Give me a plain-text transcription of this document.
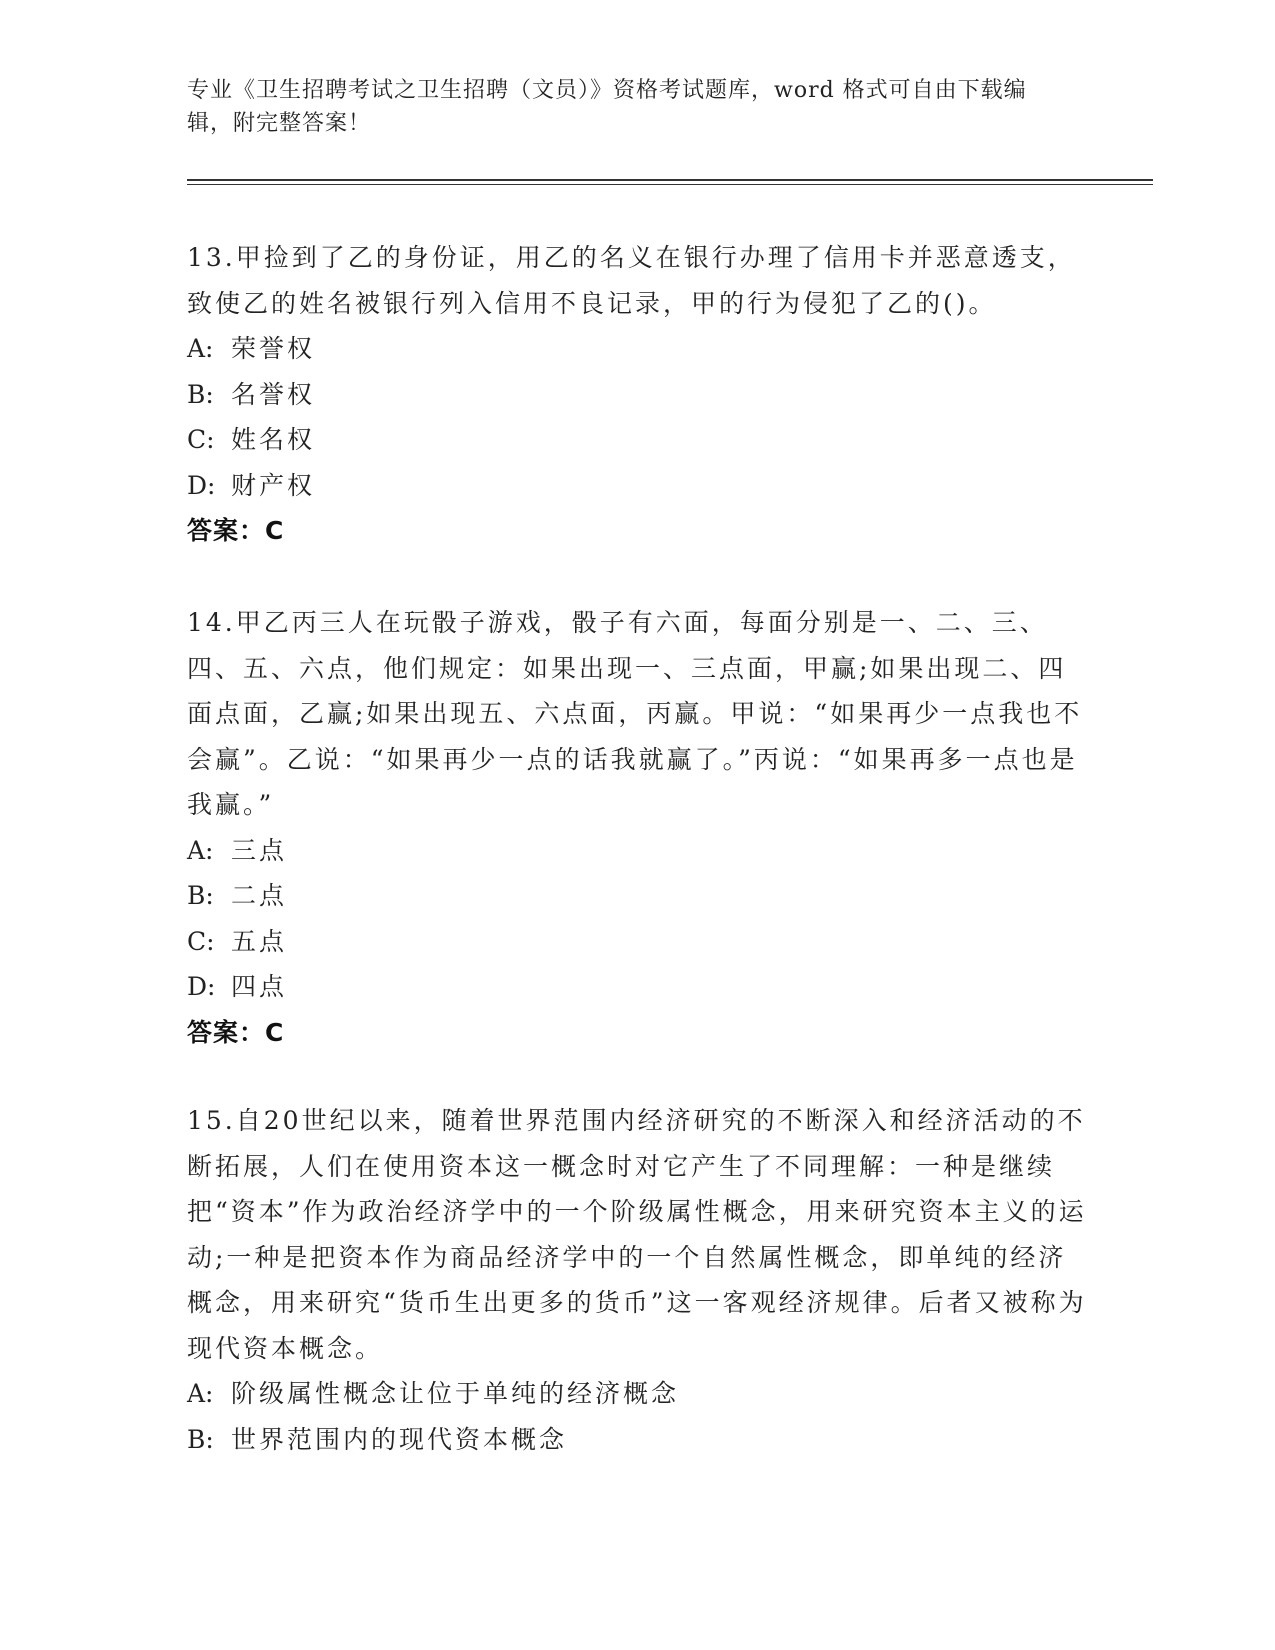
专业《卫生招聘考试之卫生招聘（文员）》资格考试题库，word 格式可自由下载编辑，附完整答案！

13.甲捡到了乙的身份证，用乙的名义在银行办理了信用卡并恶意透支，致使乙的姓名被银行列入信用不良记录，甲的行为侵犯了乙的()。

A: 荣誉权

B: 名誉权

C: 姓名权

D: 财产权

答案：C

14.甲乙丙三人在玩骰子游戏，骰子有六面，每面分别是一、二、三、四、五、六点，他们规定：如果出现一、三点面，甲赢;如果出现二、四面点面，乙赢;如果出现五、六点面，丙赢。甲说：“如果再少一点我也不会赢”。乙说：“如果再少一点的话我就赢了。”丙说：“如果再多一点也是我赢。”

A: 三点

B: 二点

C: 五点

D: 四点

答案：C

15.自20世纪以来，随着世界范围内经济研究的不断深入和经济活动的不断拓展，人们在使用资本这一概念时对它产生了不同理解：一种是继续把“资本”作为政治经济学中的一个阶级属性概念，用来研究资本主义的运动;一种是把资本作为商品经济学中的一个自然属性概念，即单纯的经济概念，用来研究“货币生出更多的货币”这一客观经济规律。后者又被称为现代资本概念。

A: 阶级属性概念让位于单纯的经济概念

B: 世界范围内的现代资本概念
